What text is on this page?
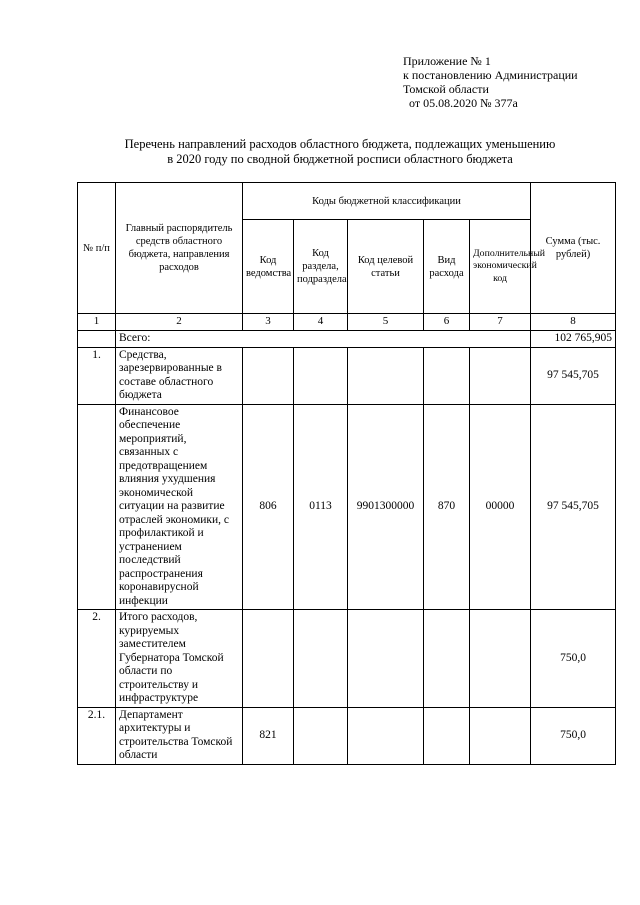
Приложение № 1
к постановлению Администрации
Томской области
от 05.08.2020 № 377а
Перечень направлений расходов областного бюджета, подлежащих уменьшению
в 2020 году по сводной бюджетной росписи областного бюджета
№ п/п	Главный распорядитель средств областного бюджета, направления расходов	Коды бюджетной классификации					Сумма (тыс. рублей)
		Код ведомства	Код раздела, подраздела	Код целевой статьи	Вид расхода	Дополнительный экономический код	
1	2	3	4	5	6	7	8
	Всего:						102 765,905
1.	Средства, зарезервированные в составе областного бюджета						97 545,705
	Финансовое обеспечение мероприятий, связанных с предотвращением влияния ухудшения экономической ситуации на развитие отраслей экономики, с профилактикой и устранением последствий распространения коронавирусной инфекции	806	0113	9901300000	870	00000	97 545,705
2.	Итого расходов, курируемых заместителем Губернатора Томской области по строительству и инфраструктуре						750,0
2.1.	Департамент архитектуры и строительства Томской области	821					750,0
